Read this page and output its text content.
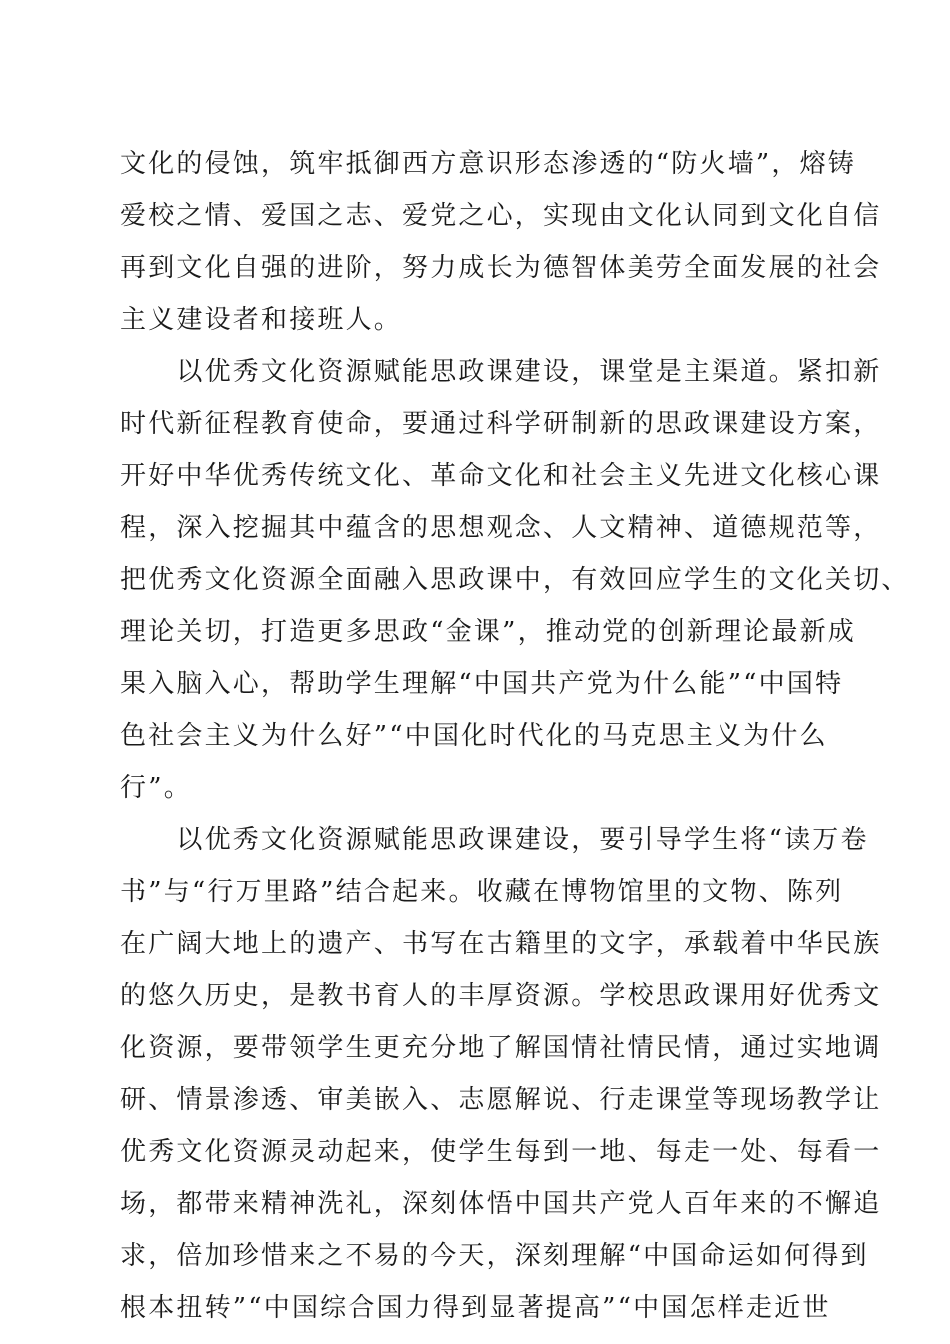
文化的侵蚀，筑牢抵御西方意识形态渗透的“防火墙”，熔铸
爱校之情、爱国之志、爱党之心，实现由文化认同到文化自信
再到文化自强的进阶，努力成长为德智体美劳全面发展的社会
主义建设者和接班人。
　　以优秀文化资源赋能思政课建设，课堂是主渠道。紧扣新
时代新征程教育使命，要通过科学研制新的思政课建设方案，
开好中华优秀传统文化、革命文化和社会主义先进文化核心课
程，深入挖掘其中蕴含的思想观念、人文精神、道德规范等，
把优秀文化资源全面融入思政课中，有效回应学生的文化关切、
理论关切，打造更多思政“金课”，推动党的创新理论最新成
果入脑入心，帮助学生理解“中国共产党为什么能”“中国特
色社会主义为什么好”“中国化时代化的马克思主义为什么
行”。
　　以优秀文化资源赋能思政课建设，要引导学生将“读万卷
书”与“行万里路”结合起来。收藏在博物馆里的文物、陈列
在广阔大地上的遗产、书写在古籍里的文字，承载着中华民族
的悠久历史，是教书育人的丰厚资源。学校思政课用好优秀文
化资源，要带领学生更充分地了解国情社情民情，通过实地调
研、情景渗透、审美嵌入、志愿解说、行走课堂等现场教学让
优秀文化资源灵动起来，使学生每到一地、每走一处、每看一
场，都带来精神洗礼，深刻体悟中国共产党人百年来的不懈追
求，倍加珍惜来之不易的今天，深刻理解“中国命运如何得到
根本扭转”“中国综合国力得到显著提高”“中国怎样走近世
